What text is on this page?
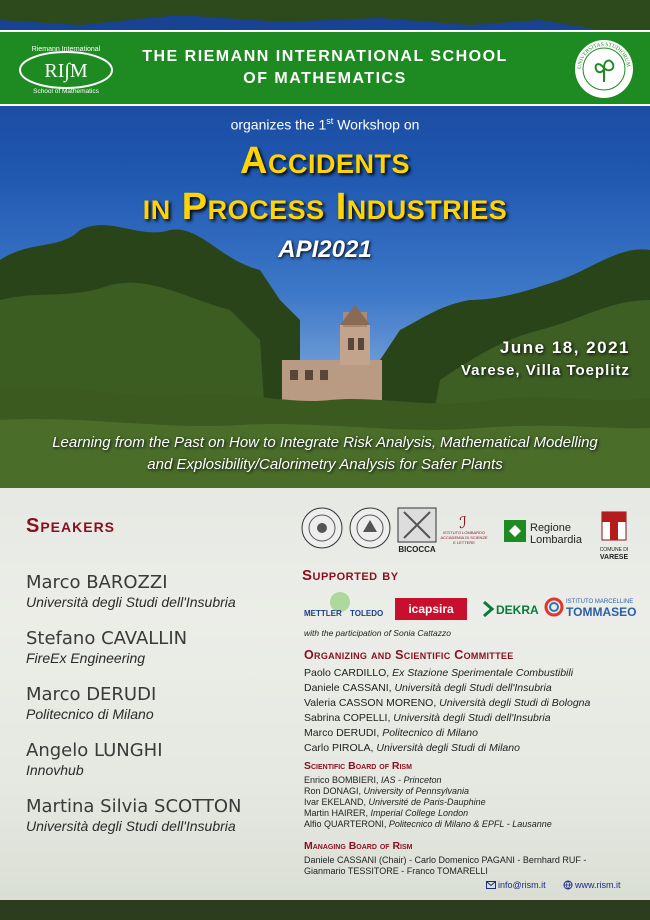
Riemann International
RI∫M
School of Mathematics
THE RIEMANN INTERNATIONAL SCHOOL
OF MATHEMATICS
UNIVERSITAS STUDIORUM
organizes the 1st Workshop on
Accidents
in Process Industries
API2021
June 18, 2021
Varese, Villa Toeplitz
Learning from the Past on How to Integrate Risk Analysis, Mathematical Modelling
and Explosibility/Calorimetry Analysis for Safer Plants
Speakers
Marco BAROZZI
Università degli Studi dell'Insubria
Stefano CAVALLIN
FireEx Engineering
Marco DERUDI
Politecnico di Milano
Angelo LUNGHI
Innovhub
Martina Silvia SCOTTON
Università degli Studi dell'Insubria
BICOCCA
ℐ
ISTITUTO LOMBARDO ACCADEMIA DI SCIENZE E LETTERE
Regione
Lombardia
COMUNE DI
VARESE
Supported by
METTLER TOLEDO icapsira	DEKRA
ISTITUTO MARCELLINE
TOMMASEO
with the participation of Sonia Cattazzo
Organizing and Scientific Committee
Paolo CARDILLO, Ex Stazione Sperimentale Combustibili
Daniele CASSANI, Università degli Studi dell'Insubria
Valeria CASSON MORENO, Università degli Studi di Bologna
Sabrina COPELLI, Università degli Studi dell'Insubria
Marco DERUDI, Politecnico di Milano
Carlo PIROLA, Università degli Studi di Milano
Scientific Board of Rism
Enrico BOMBIERI, IAS - Princeton
Ron DONAGI, University of Pennsylvania
Ivar EKELAND, Université de Paris-Dauphine
Martin HAIRER, Imperial College London
Alfio QUARTERONI, Politecnico di Milano & EPFL - Lausanne
Managing Board of Rism
Daniele CASSANI (Chair) - Carlo Domenico PAGANI - Bernhard RUF -
Gianmario TESSITORE - Franco TOMARELLI
info@rism.it	www.rism.it
